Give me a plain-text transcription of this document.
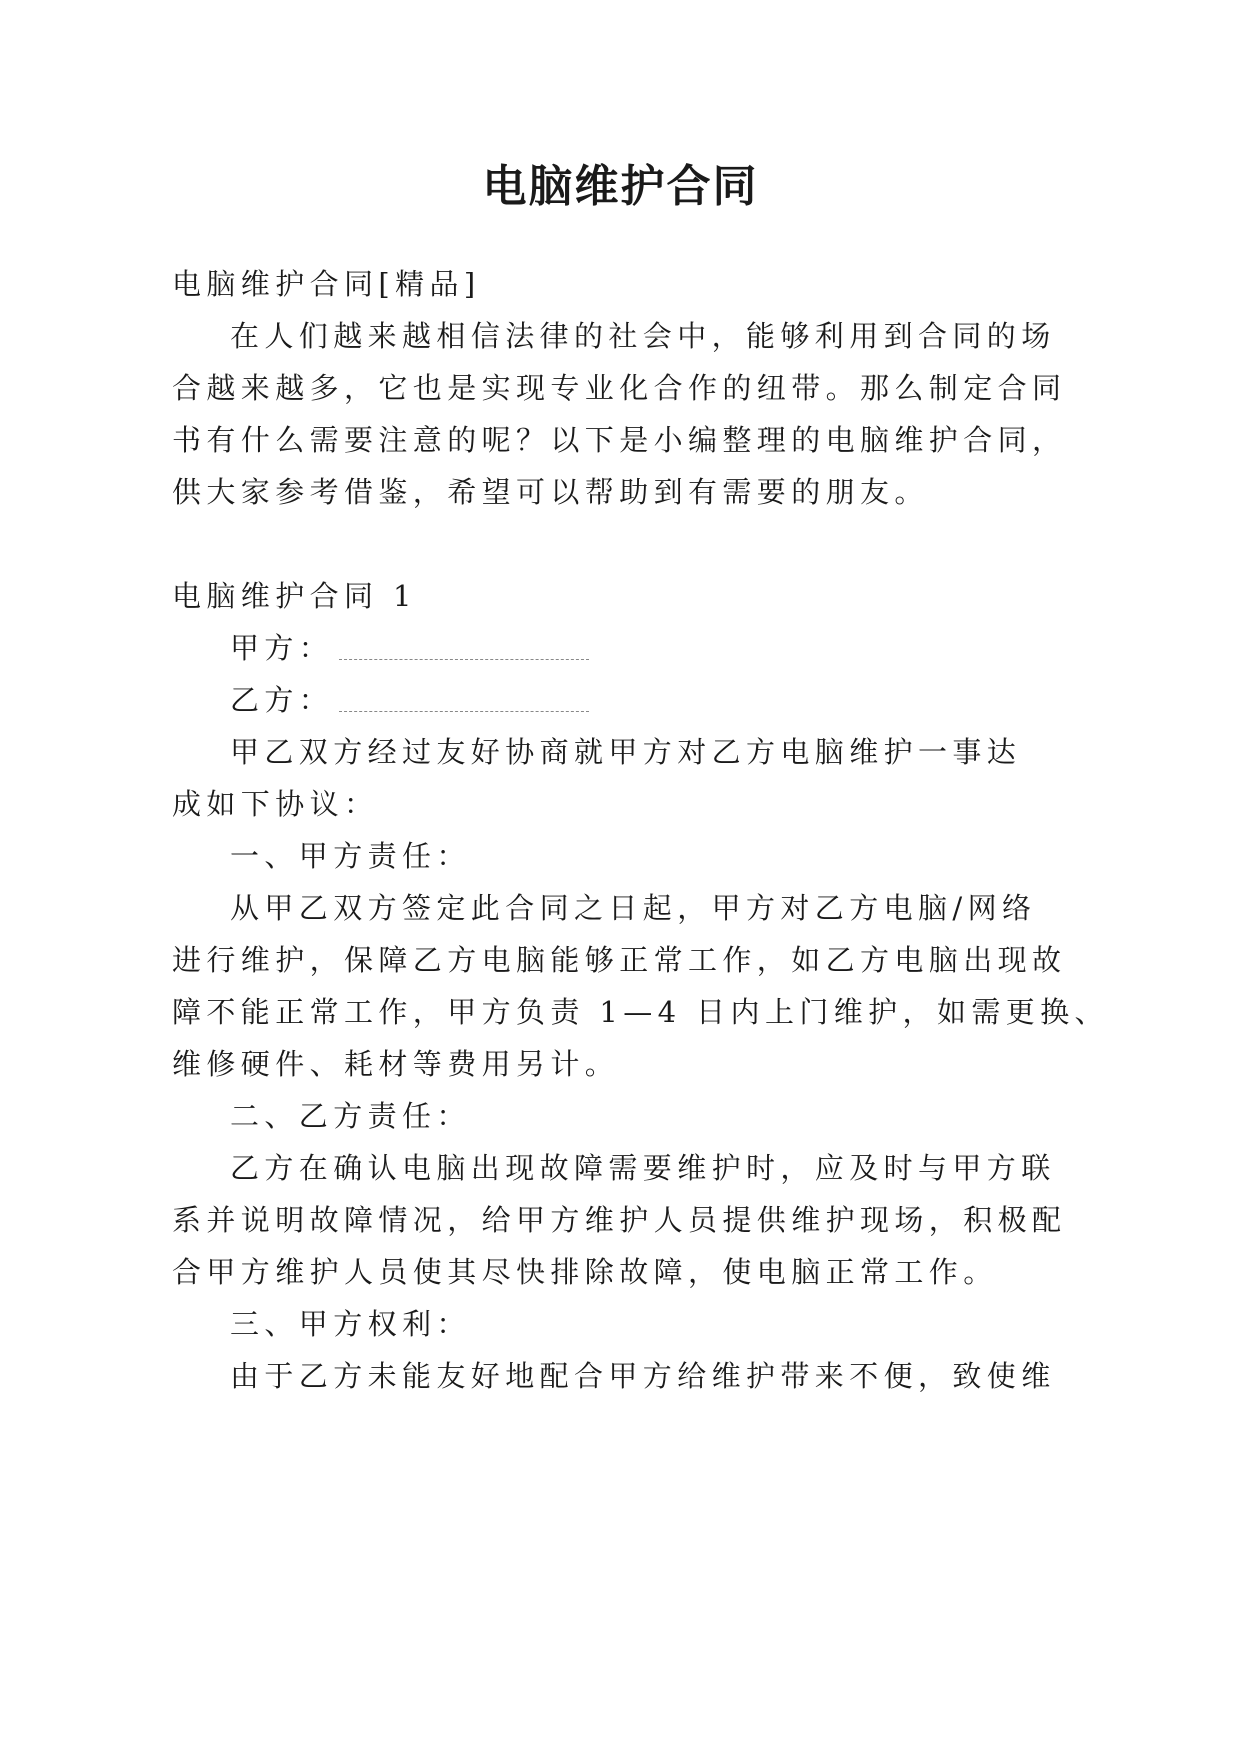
电脑维护合同
电脑维护合同[精品]
在人们越来越相信法律的社会中，能够利用到合同的场
合越来越多，它也是实现专业化合作的纽带。那么制定合同
书有什么需要注意的呢？以下是小编整理的电脑维护合同，
供大家参考借鉴，希望可以帮助到有需要的朋友。
电脑维护合同 1
甲方：
乙方：
甲乙双方经过友好协商就甲方对乙方电脑维护一事达
成如下协议：
一、甲方责任：
从甲乙双方签定此合同之日起，甲方对乙方电脑/网络
进行维护，保障乙方电脑能够正常工作，如乙方电脑出现故
障不能正常工作，甲方负责 1—4 日内上门维护，如需更换、
维修硬件、耗材等费用另计。
二、乙方责任：
乙方在确认电脑出现故障需要维护时，应及时与甲方联
系并说明故障情况，给甲方维护人员提供维护现场，积极配
合甲方维护人员使其尽快排除故障，使电脑正常工作。
三、甲方权利：
由于乙方未能友好地配合甲方给维护带来不便，致使维
